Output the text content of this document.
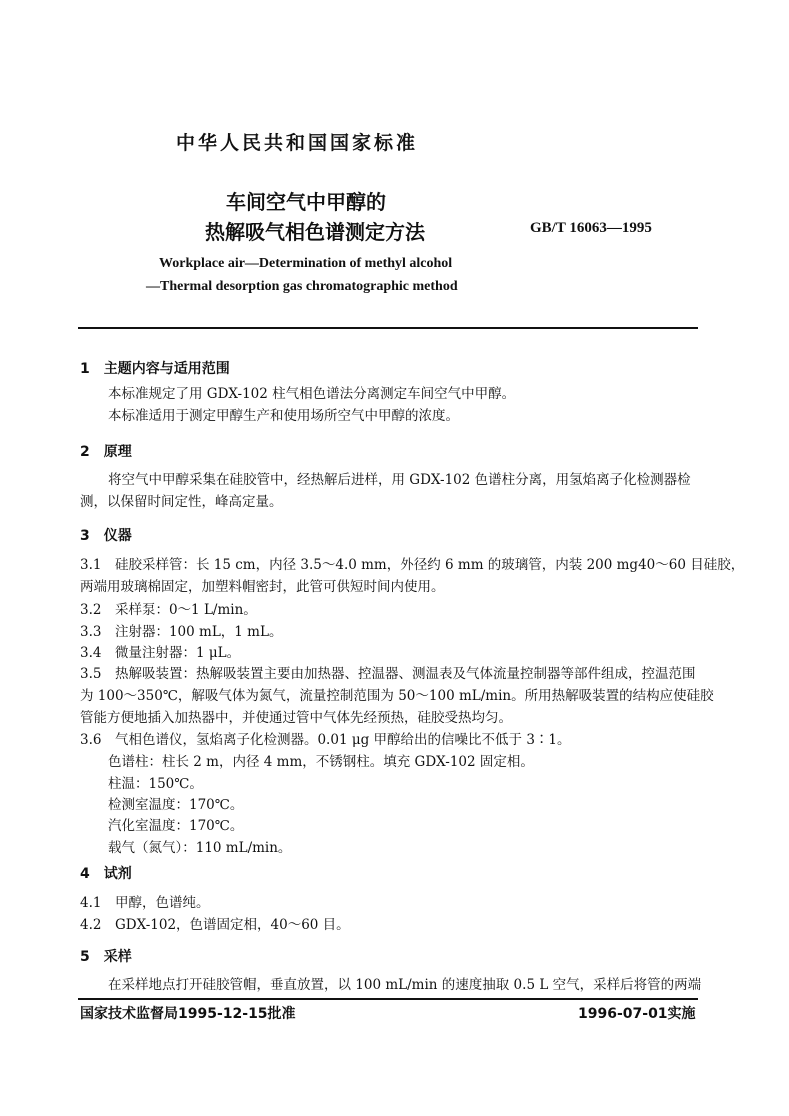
中华人民共和国国家标准
车间空气中甲醇的
热解吸气相色谱测定方法	GB/T 16063—1995
Workplace air—Determination of methyl alcohol
—Thermal desorption gas chromatographic method
1　主题内容与适用范围
本标准规定了用 GDX-102 柱气相色谱法分离测定车间空气中甲醇。
本标准适用于测定甲醇生产和使用场所空气中甲醇的浓度。
2　原理
将空气中甲醇采集在硅胶管中，经热解后进样，用 GDX-102 色谱柱分离，用氢焰离子化检测器检
测，以保留时间定性，峰高定量。
3　仪器
3.1　硅胶采样管：长 15 cm，内径 3.5～4.0 mm，外径约 6 mm 的玻璃管，内装 200 mg40～60 目硅胶，
两端用玻璃棉固定，加塑料帽密封，此管可供短时间内使用。
3.2　采样泵：0～1 L/min。
3.3　注射器：100 mL，1 mL。
3.4　微量注射器：1 μL。
3.5　热解吸装置：热解吸装置主要由加热器、控温器、测温表及气体流量控制器等部件组成，控温范围
为 100～350℃，解吸气体为氮气，流量控制范围为 50～100 mL/min。所用热解吸装置的结构应使硅胶
管能方便地插入加热器中，并使通过管中气体先经预热，硅胶受热均匀。
3.6　气相色谱仪，氢焰离子化检测器。0.01 μg 甲醇给出的信噪比不低于 3∶1。
色谱柱：柱长 2 m，内径 4 mm，不锈钢柱。填充 GDX-102 固定相。
柱温：150℃。
检测室温度：170℃。
汽化室温度：170℃。
载气（氮气）：110 mL/min。
4　试剂
4.1　甲醇，色谱纯。
4.2　GDX-102，色谱固定相，40～60 目。
5　采样
在采样地点打开硅胶管帽，垂直放置，以 100 mL/min 的速度抽取 0.5 L 空气，采样后将管的两端
国家技术监督局1995-12-15批准	1996-07-01实施
